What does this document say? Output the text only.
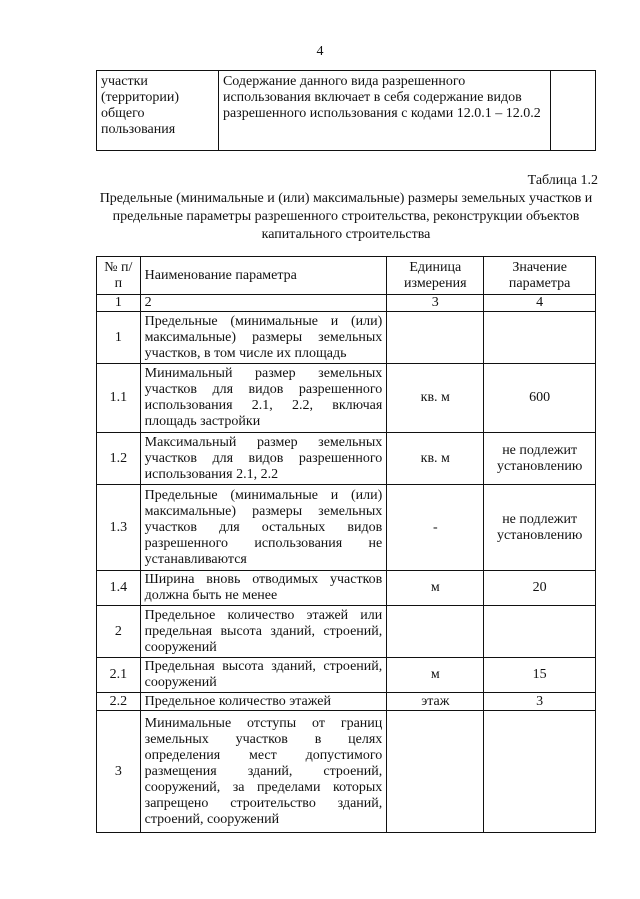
4
участки (территории) общего пользования	Содержание данного вида разрешенного использования включает в себя содержание видов разрешенного использования с кодами 12.0.1 – 12.0.2	
Таблица 1.2
Предельные (минимальные и (или) максимальные) размеры земельных участков и предельные параметры разрешенного строительства, реконструкции объектов капитального строительства
№ п/п	Наименование параметра	Единица измерения	Значение параметра
1	2	3	4
1	Предельные (минимальные и (или) максимальные) размеры земельных участков, в том числе их площадь		
1.1	Минимальный размер земельных участков для видов разрешенного использования 2.1, 2.2, включая площадь застройки	кв. м	600
1.2	Максимальный размер земельных участков для видов разрешенного использования 2.1, 2.2	кв. м	не подлежит установлению
1.3	Предельные (минимальные и (или) максимальные) размеры земельных участков для остальных видов разрешенного использования не устанавливаются	-	не подлежит установлению
1.4	Ширина вновь отводимых участков должна быть не менее	м	20
2	Предельное количество этажей или предельная высота зданий, строений, сооружений		
2.1	Предельная высота зданий, строений, сооружений	м	15
2.2	Предельное количество этажей	этаж	3
3	Минимальные отступы от границ земельных участков в целях определения мест допустимого размещения зданий, строений, сооружений, за пределами которых запрещено строительство зданий, строений, сооружений		
